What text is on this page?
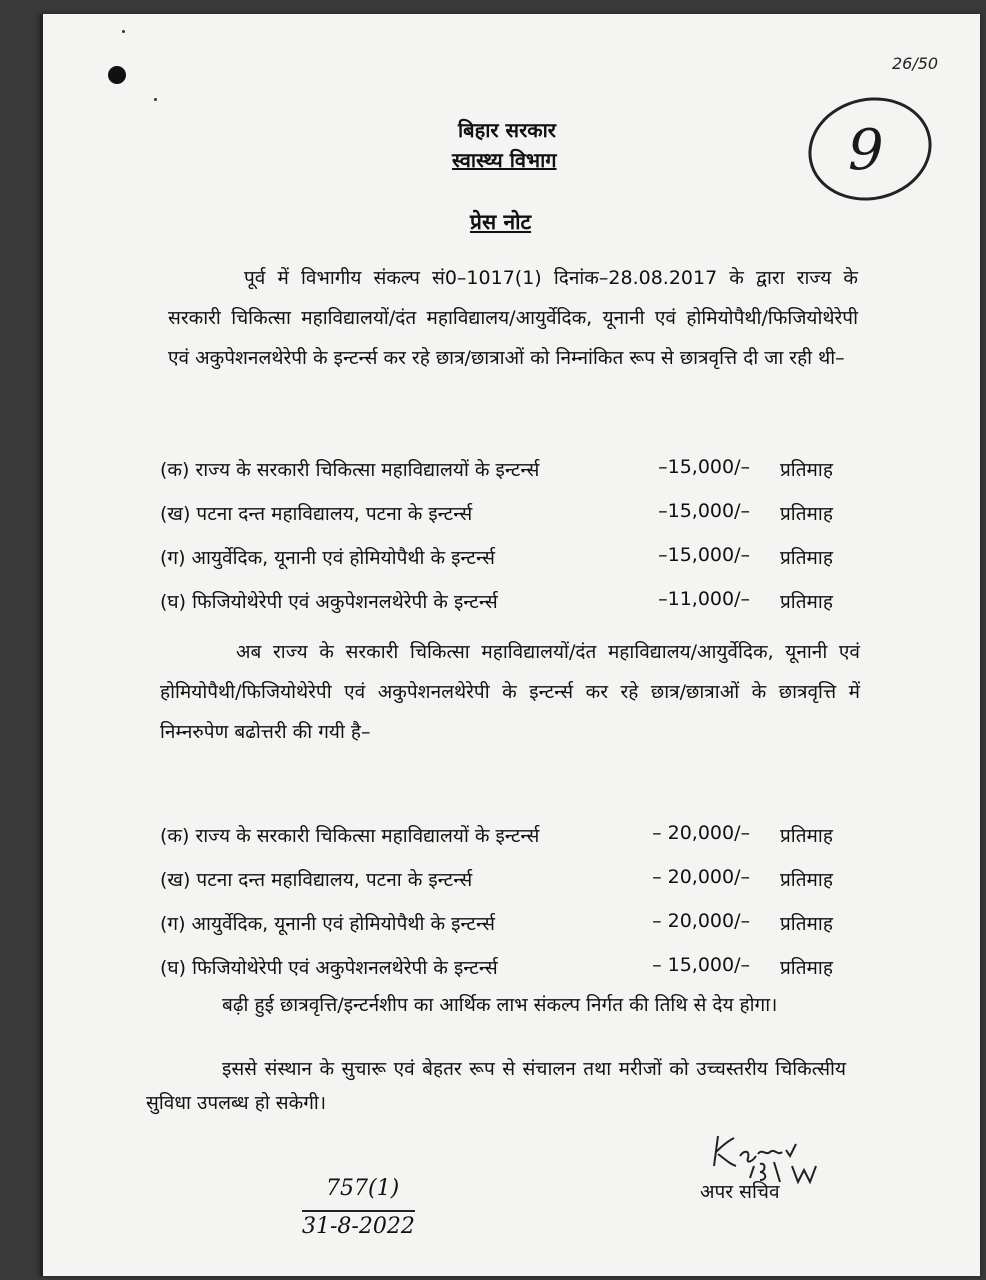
26/50
9
बिहार सरकार
स्वास्थ्य विभाग
प्रेस नोट
पूर्व में विभागीय संकल्प सं0–1017(1) दिनांक–28.08.2017 के द्वारा राज्य के सरकारी चिकित्सा महाविद्यालयों/दंत महाविद्यालय/आयुर्वेदिक, यूनानी एवं होमियोपैथी/फिजियोथेरेपी एवं अकुपेशनलथेरेपी के इन्टर्न्स कर रहे छात्र/छात्राओं को निम्नांकित रूप से छात्रवृत्ति दी जा रही थी–
(क) राज्य के सरकारी चिकित्सा महाविद्यालयों के इन्टर्न्स	–15,000/– प्रतिमाह
(ख) पटना दन्त महाविद्यालय, पटना के इन्टर्न्स	–15,000/– प्रतिमाह
(ग) आयुर्वेदिक, यूनानी एवं होमियोपैथी के इन्टर्न्स	–15,000/– प्रतिमाह
(घ) फिजियोथेरेपी एवं अकुपेशनलथेरेपी के इन्टर्न्स	–11,000/– प्रतिमाह
अब राज्य के सरकारी चिकित्सा महाविद्यालयों/दंत महाविद्यालय/आयुर्वेदिक, यूनानी एवं होमियोपैथी/फिजियोथेरेपी एवं अकुपेशनलथेरेपी के इन्टर्न्स कर रहे छात्र/छात्राओं के छात्रवृत्ति में निम्नरुपेण बढोत्तरी की गयी है–
(क) राज्य के सरकारी चिकित्सा महाविद्यालयों के इन्टर्न्स	– 20,000/– प्रतिमाह
(ख) पटना दन्त महाविद्यालय, पटना के इन्टर्न्स	– 20,000/– प्रतिमाह
(ग) आयुर्वेदिक, यूनानी एवं होमियोपैथी के इन्टर्न्स	– 20,000/– प्रतिमाह
(घ) फिजियोथेरेपी एवं अकुपेशनलथेरेपी के इन्टर्न्स	– 15,000/– प्रतिमाह
बढ़ी हुई छात्रवृत्ति/इन्टर्नशीप का आर्थिक लाभ संकल्प निर्गत की तिथि से देय होगा।
इससे संस्थान के सुचारू एवं बेहतर रूप से संचालन तथा मरीजों को उच्चस्तरीय चिकित्सीय सुविधा उपलब्ध हो सकेगी।
अपर सचिव
757(1)
31-8-2022
